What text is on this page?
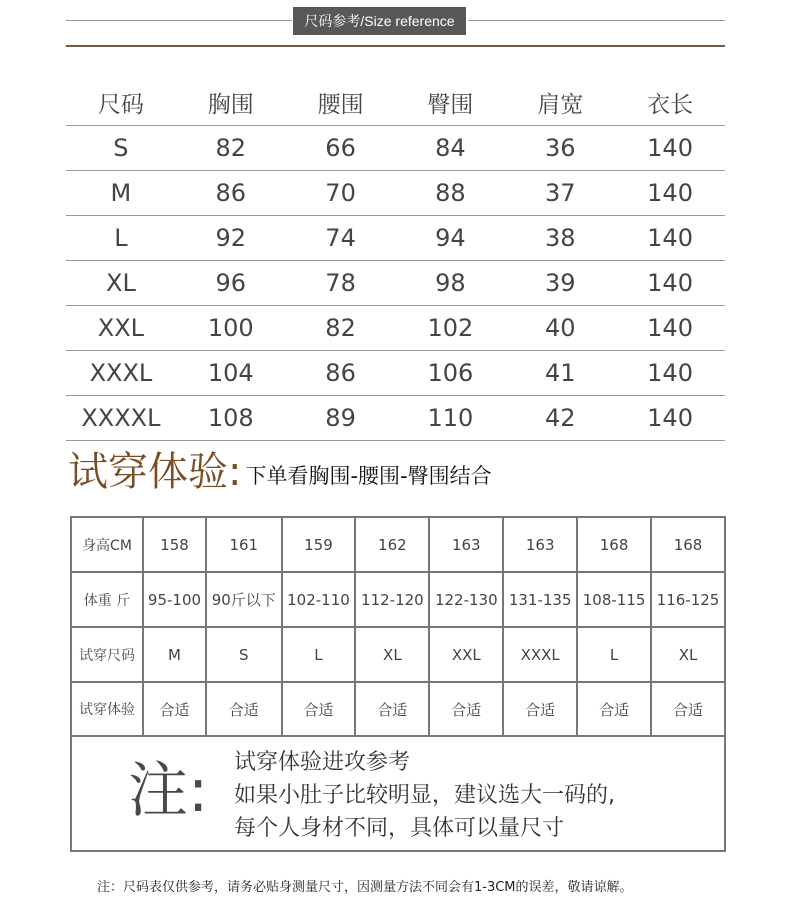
尺码参考/Size reference
尺码	胸围	腰围	臀围	肩宽	衣长
S	82	66	84	36	140
M	86	70	88	37	140
L	92	74	94	38	140
XL	96	78	98	39	140
XXL	100	82	102	40	140
XXXL	104	86	106	41	140
XXXXL	108	89	110	42	140
试穿体验: 下单看胸围-腰围-臀围结合
身高CM	158	161	159	162	163	163	168	168
体重 斤	95-100	90斤以下	102-110	112-120	122-130	131-135	108-115	116-125
试穿尺码	M	S	L	XL	XXL	XXXL	L	XL
试穿体验	合适	合适	合适	合适	合适	合适	合适	合适
注: 试穿体验进攻参考
如果小肚子比较明显，建议选大一码的,
每个人身材不同，具体可以量尺寸
注：尺码表仅供参考，请务必贴身测量尺寸，因测量方法不同会有1-3CM的误差，敬请谅解。
